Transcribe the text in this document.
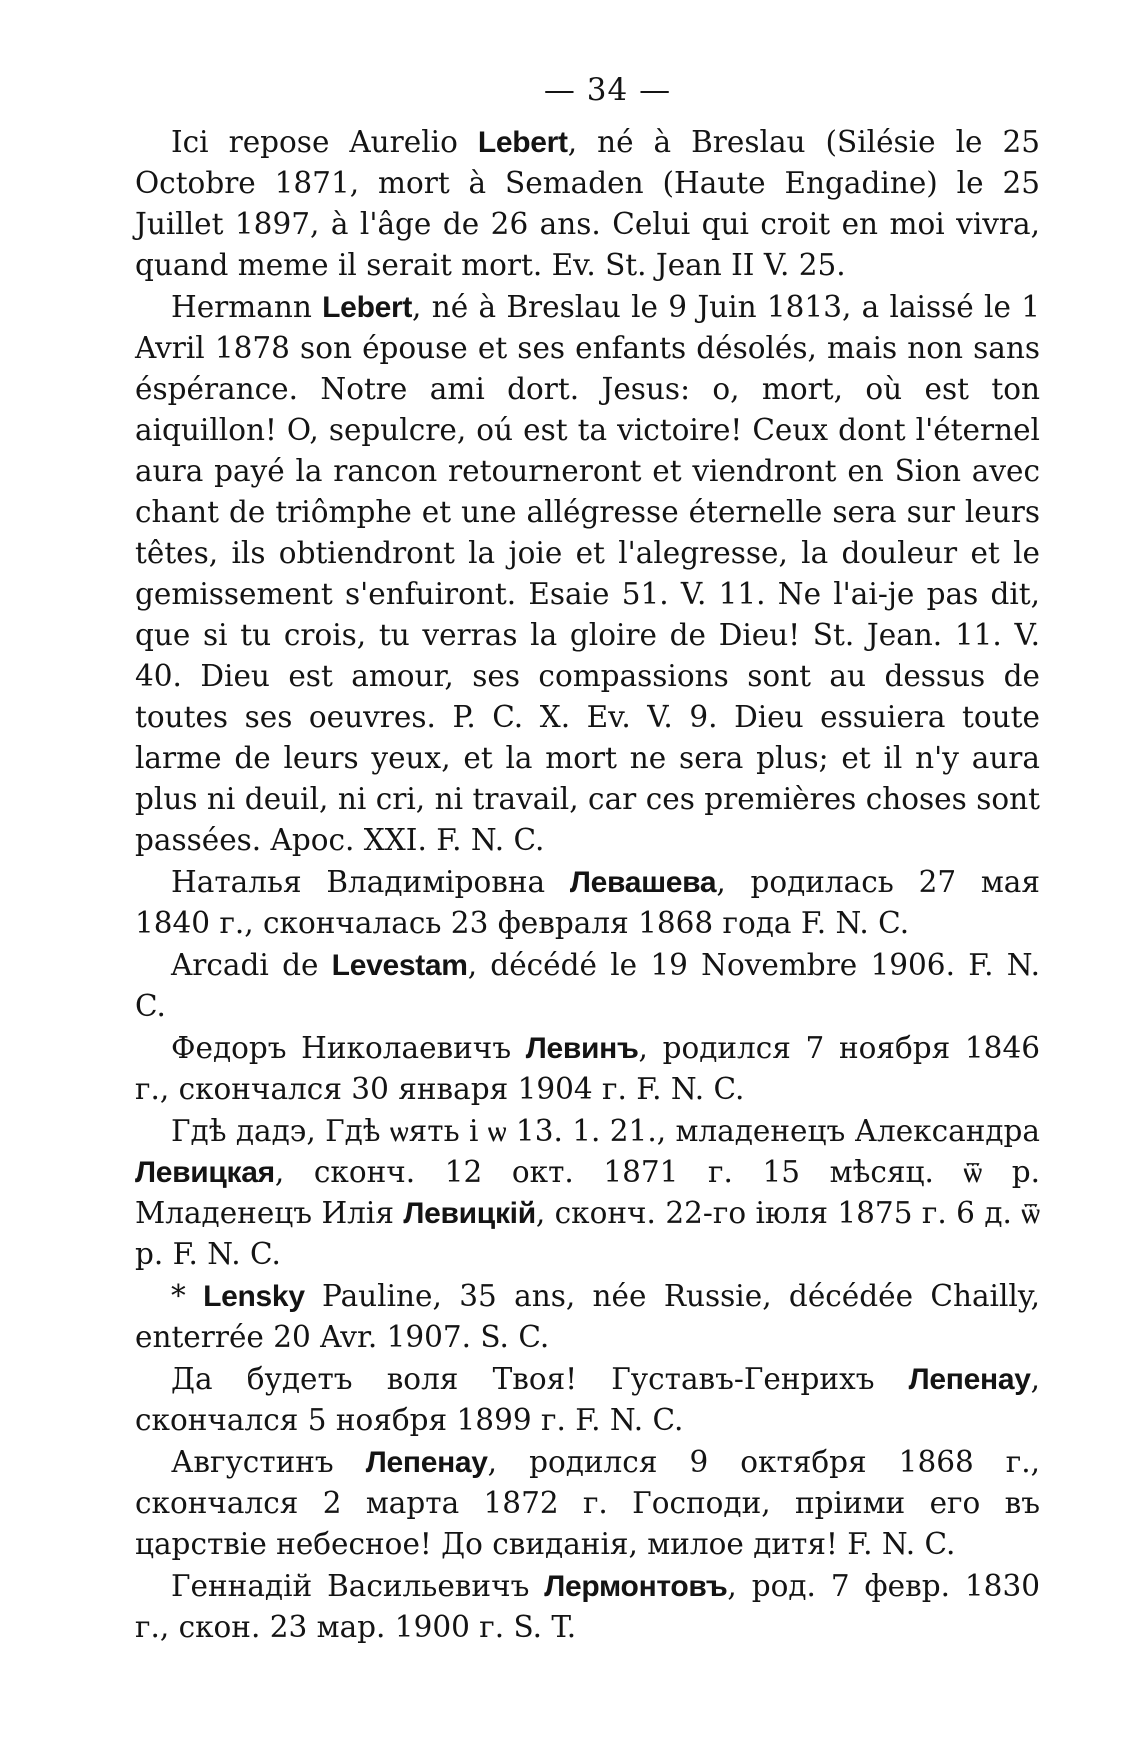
— 34 —

Ici repose Aurelio Lebert, né à Breslau (Silésie le 25 Octobre 1871, mort à Semaden (Haute Engadine) le 25 Juillet 1897, à l'âge de 26 ans. Celui qui croit en moi vivra, quand meme il serait mort. Ev. St. Jean II V. 25.

Hermann Lebert, né à Breslau le 9 Juin 1813, a laissé le 1 Avril 1878 son épouse et ses enfants désolés, mais non sans éspérance. Notre ami dort. Jesus: o, mort, où est ton aiquillon! O, sepulcre, oú est ta victoire! Ceux dont l'éternel aura payé la rancon retourneront et viendront en Sion avec chant de triômphe et une allégresse éternelle sera sur leurs têtes, ils obtiendront la joie et l'alegresse, la douleur et le gemissement s'enfuiront. Esaie 51. V. 11. Ne l'ai-je pas dit, que si tu crois, tu verras la gloire de Dieu! St. Jean. 11. V. 40. Dieu est amour, ses compassions sont au dessus de toutes ses oeuvres. P. C. X. Ev. V. 9. Dieu essuiera toute larme de leurs yeux, et la mort ne sera plus; et il n'y aura plus ni deuil, ni cri, ni travail, car ces premières choses sont passées. Apoc. XXI. F. N. C.

Наталья Владиміровна Левашева, родилась 27 мая 1840 г., скончалась 23 февраля 1868 года F. N. C.

Arcadi de Levestam, décédé le 19 Novembre 1906. F. N. C.

Федоръ Николаевичъ Левинъ, родился 7 ноября 1846 г., скончался 30 января 1904 г. F. N. C.

Гдѣ дадэ, Гдѣ ѡять і ѡ 13. 1. 21., младенецъ Александра Левицкая, сконч. 12 окт. 1871 г. 15 мѣсяц. ѿ р. Младенецъ Илія Левицкій, сконч. 22-го іюля 1875 г. 6 д. ѿ р. F. N. C.

* Lensky Pauline, 35 ans, née Russie, décédée Chailly, enterrée 20 Avr. 1907. S. C.

Да будетъ воля Твоя! Густавъ-Генрихъ Лепенау, скончался 5 ноября 1899 г. F. N. C.

Августинъ Лепенау, родился 9 октября 1868 г., скончался 2 марта 1872 г. Господи, пріими его въ царствіе небесное! До свиданія, милое дитя! F. N. C.

Геннадій Васильевичъ Лермонтовъ, род. 7 февр. 1830 г., скон. 23 мар. 1900 г. S. T.
